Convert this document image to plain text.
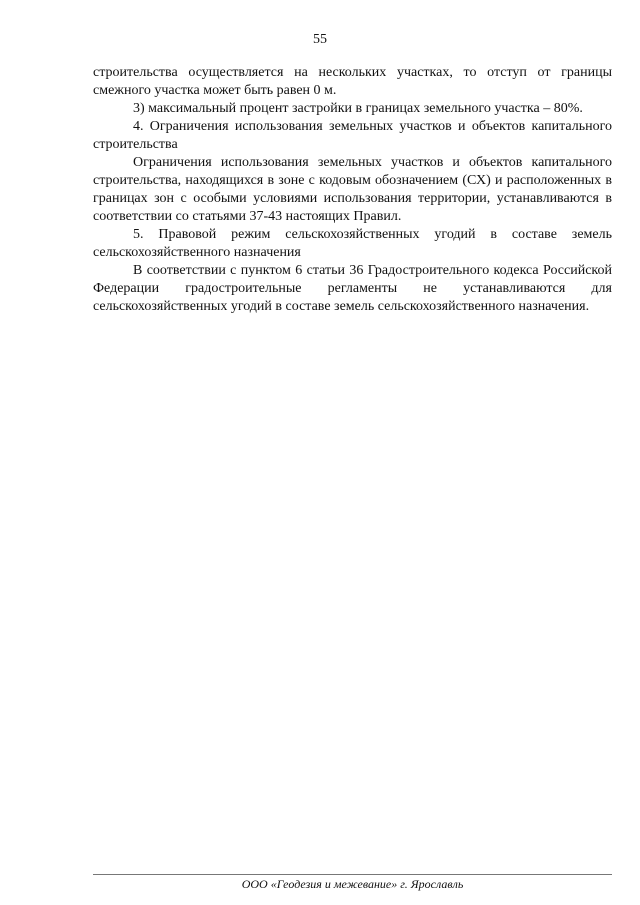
55

строительства осуществляется на нескольких участках, то отступ от границы смежного участка может быть равен 0 м.

3) максимальный процент застройки в границах земельного участка – 80%.

4. Ограничения использования земельных участков и объектов капитального строительства

Ограничения использования земельных участков и объектов капитального строительства, находящихся в зоне с кодовым обозначением (СХ) и расположенных в границах зон с особыми условиями использования территории, устанавливаются в соответствии со статьями 37-43 настоящих Правил.

5. Правовой режим сельскохозяйственных угодий в составе земель сельскохозяйственного назначения

В соответствии с пунктом 6 статьи 36 Градостроительного кодекса Российской Федерации градостроительные регламенты не устанавливаются для сельскохозяйственных угодий в составе земель сельскохозяйственного назначения.

ООО «Геодезия и межевание» г. Ярославль
